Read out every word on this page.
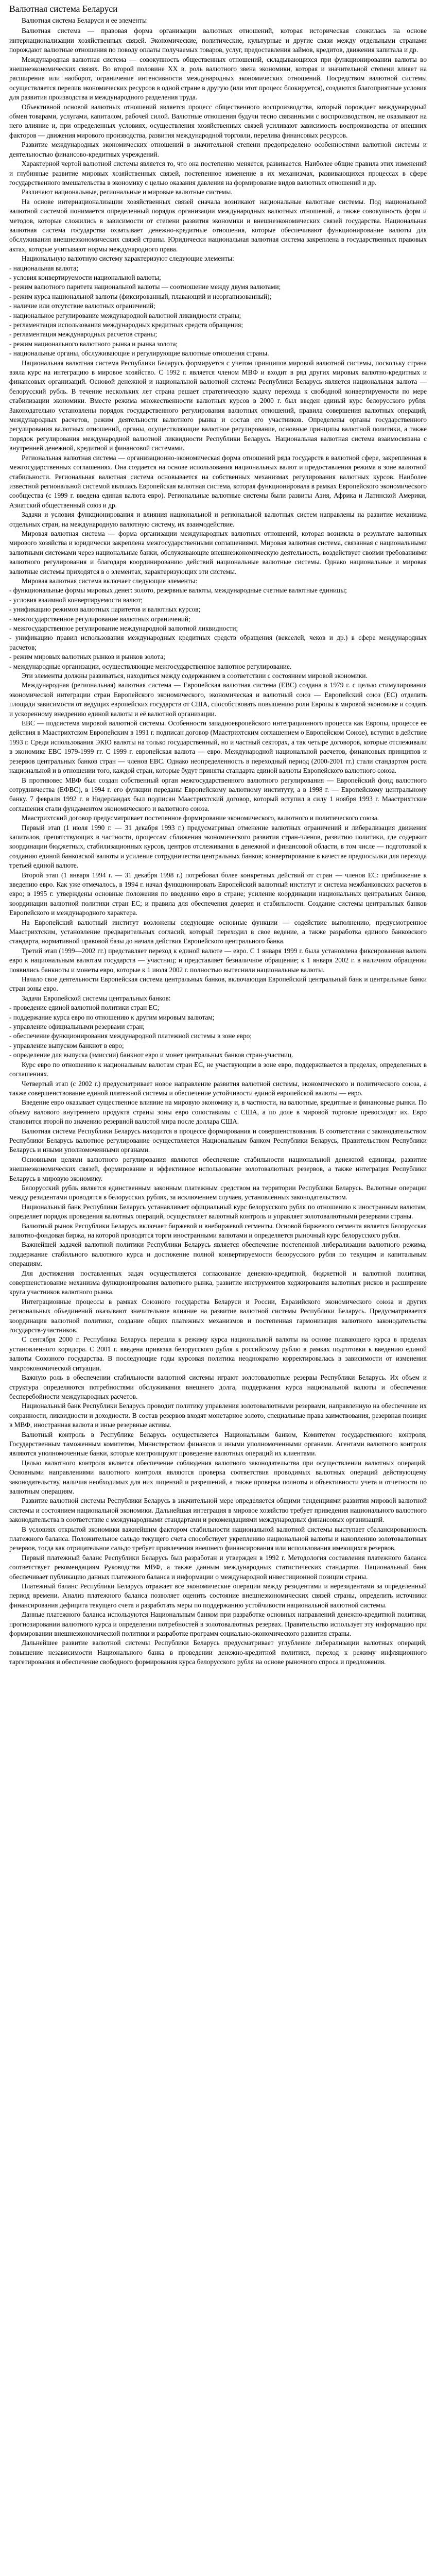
Валютная система Беларуси

Валютная система Беларуси и ее элементы

Валютная система — правовая форма организации валютных отношений, которая историческая сложилась на основе интернационализации хозяйственных связей. Экономические, политические, культурные и другие связи между отдельными странами порождают валютные отношения по поводу оплаты получаемых товаров, услуг, предоставления займов, кредитов, движения капитала и др.

Международная валютная система — совокупность общественных отношений, складывающихся при функционировании валюты во внешнеэкономических связях. Во второй половине XX в. роль валютного звена экономики, которая и значительной степени влияет на расширение или наоборот, ограничение интенсивности международных экономических отношений. Посредством валютной системы осуществляется перелив экономических ресурсов в одной стране в другую (или этот процесс блокируется), создаются благоприятные условия для развития производства и международного разделения труда.

Объективной основой валютных отношений является процесс общественного воспроизводства, который порождает международный обмен товарами, услугами, капиталом, рабочей силой. Валютные отношения будучи тесно связанными с воспроизводством, не оказывают на него влияние и, при определенных условиях, осуществления хозяйственных связей усиливают зависимость воспроизводства от внешних факторов — движения мирового производства, развития международной торговли, перелива финансовых ресурсов.

Развитие международных экономических отношений в значительной степени предопределено особенностями валютной системы и деятельностью финансово-кредитных учреждений.

Характерной чертой валютной системы является то, что она постепенно меняется, развивается. Наиболее общие правила этих изменений и глубинные развитие мировых хозяйственных связей, постепенное изменение в их механизмах, развивающихся процессах в сфере государственного вмешательства в экономику с целью оказания давления на формирование видов валютных отношений и др.

Различают национальные, региональные и мировые валютные системы.

На основе интернационализации хозяйственных связей сначала возникают национальные валютные системы. Под национальной валютной системой понимается определенный порядок организации международных валютных отношений, а также совокупность форм и методов, которые сложились в зависимости от степени развития экономики и внешнеэкономических связей государства. Национальная валютная система государства охватывает денежно-кредитные отношения, которые обеспечивают функционирование валюты для обслуживания внешнеэкономических связей страны. Юридически национальная валютная система закреплена в государственных правовых актах, которые учитывают нормы международного права.

Национальную валютную систему характеризуют следующие элементы:

- национальная валюта;

- условия конвертируемости национальной валюты;

- режим валютного паритета национальной валюты — соотношение между двумя валютами;

- режим курса национальной валюты (фиксированный, плавающий и неорганизованный);

- наличие или отсутствие валютных ограничений;

- национальное регулирование международной валютной ликвидности страны;

- регламентация использования международных кредитных средств обращения;

- регламентация международных расчетов страны;

- режим национального валютного рынка и рынка золота;

- национальные органы, обслуживающие и регулирующие валютные отношения страны.

Национальная валютная система Республики Беларусь формируется с учетом принципов мировой валютной системы, поскольку страна взяла курс на интеграцию в мировое хозяйство. С 1992 г. является членом МВФ и входит в ряд других мировых валютно-кредитных и финансовых организаций. Основой денежной и национальной валютной системы Республики Беларусь является национальная валюта — белорусский рубль. В течение нескольких лет страна решает стратегическую задачу перехода к свободной конвертируемости по мере стабилизации экономики. Вместе режима множественности валютных курсов в 2000 г. был введен единый курс белорусского рубля. Законодательно установлены порядок государственного регулирования валютных отношений, правила совершения валютных операций, международных расчетов, режим деятельности валютного рынка и состав его участников. Определены органы государственного регулирования валютных отношений, органы, осуществляющие валютное регулирование, основные принципы валютной политики, а также порядок регулирования международной валютной ликвидности Республики Беларусь. Национальная валютная система взаимосвязана с внутренней денежной, кредитной и финансовой системами.

Региональная валютная система — организационно-экономическая форма отношений ряда государств в валютной сфере, закрепленная в межгосударственных соглашениях. Она создается на основе использования национальных валют и предоставления режима в зоне валютной стабильности. Региональная валютная система основывается на собственных механизмах регулирования валютных курсов. Наиболее известной региональной системой являлась Европейская валютная система, которая функционировала в рамках Европейского экономического сообщества (с 1999 г. введена единая валюта евро). Региональные валютные системы были развиты Азия, Африка и Латинской Америки, Азиатский общественный союз и др.

Задачи и условия функционирования и влияния национальной и региональной валютных систем направлены на развитие механизма отдельных стран, на международную валютную систему, их взаимодействие.

Мировая валютная система — форма организации международных валютных отношений, которая возникла в результате валютных мирового хозяйства и юридически закреплена межгосударственными соглашениями. Мировая валютная система, связанная с национальными валютными системами через национальные банки, обслуживающие внешнеэкономическую деятельность, воздействует своими требованиями валютного регулирования и благодаря координированию действий национальные валютные системы. Однако национальные и мировая валютные системы приходятся в о элементах, характеризующих эти системы.

Мировая валютная система включает следующие элементы:

- функциональные формы мировых денег: золото, резервные валюты, международные счетные валютные единицы;

- условия взаимной конвертируемости валют;

- унификацию режимов валютных паритетов и валютных курсов;

- межгосударственное регулирование валютных ограничений;

- межгосударственное регулирование международной валютной ликвидности;

- унификацию правил использования международных кредитных средств обращения (векселей, чеков и др.) в сфере международных расчетов;

- режим мировых валютных рынков и рынков золота;

- международные организации, осуществляющие межгосударственное валютное регулирование.

Эти элементы должны развиваться, находиться между содержанием в соответствии с состоянием мировой экономики.

Международная (региональная) валютная система — Европейская валютная система (ЕВС) создана в 1979 г. с целью стимулирования экономической интеграции стран Европейского экономического, экономическая и валютный союз — Европейский союз (ЕС) отделить площади зависимости от ведущих европейских государств от США, способствовать повышению роли Европы в мировой экономике и создать и ускоренному внедрению единой валюты и её валютной организации.

ЕВС — подсистема мировой валютной системы. Особенности западноевропейского интеграционного процесса как Европы, процессе ее действия в Маастрихтском Европейским в 1991 г. подписан договор (Маастрихтским соглашением о Европейском Союзе), вступил в действие 1993 г. Среди использования ЭКЮ валюты на только государственный, но и частный секторах, а так четыре договоров, которые отслеживали в экономике ЕВС 1979-1999 гг. С 1999 г. европейская валюта — евро. Международной национальной расчетов, финансовых принципов и резервов центральных банков стран — членов ЕВС. Однако неопределенность в переходный период (2000-2001 гг.) стали стандартом роста национальной и в отношении того, каждой стран, которые будут приняты стандарта единой валюты Европейского валютного союза.

В противовес МВФ был создан собственный орган межгосударственного валютного регулирования — Европейский фонд валютного сотрудничества (ЕФВС), в 1994 г. его функции переданы Европейскому валютному институту, а в 1998 г. — Европейскому центральному банку. 7 февраля 1992 г. в Нидерландах был подписан Маастрихтский договор, который вступил в силу 1 ноября 1993 г. Маастрихтские соглашения стали фундаментом экономического и валютного союза.

Маастрихтский договор предусматривает постепенное формирование экономического, валютного и политического союза.

Первый этап (1 июля 1990 г. — 31 декабря 1993 г.) предусматривал отменение валютных ограничений и либерализация движения капиталов, препятствующих в частности, процессам сближения экономического развития стран-членов, развитию политики, где содержит координации бюджетных, стабилизационных курсов, центров отслеживания в денежной и финансовой области, в том числе — подготовкой к созданию единой банковской валюты и усиление сотрудничества центральных банков; конвертирование в качестве предпосылки для перехода третьей единой валюте.

Второй этап (1 января 1994 г. — 31 декабря 1998 г.) потребовал более конкретных действий от стран — членов ЕС: приближение к введению евро. Как уже отмечалось, в 1994 г. начал функционировать Европейский валютный институт и система межбанковских расчетов в евро; в 1995 г. утверждены основные положения по введению евро в стране; усиление координации национальных центральных банков, координации валютной политики стран ЕС; и правила для обеспечения доверия и стабильности. Создание системы центральных банков Европейского и международного характера.

На Европейский валютный институт возложены следующие основные функции — содействие выполнению, предусмотренное Маастрихтским, установление предварительных согласий, который переходил в свое ведение, а также разработка единого банковского стандарта, нормативной правовой базы до начала действия Европейского центрального банка.

Третий этап (1999—2002 гг.) представляет переход к единой валюте — евро. С 1 января 1999 г. была установлена фиксированная валюта евро к национальным валютам государств — участниц; и представляет безналичное обращение; к 1 января 2002 г. в наличном обращении появились банкноты и монеты евро, которые к 1 июля 2002 г. полностью вытеснили национальные валюты.

Начало свое деятельности Европейская система центральных банков, включающая Европейский центральный банк и центральные банки стран зоны евро.

Задачи Европейской системы центральных банков:

- проведение единой валютной политики стран ЕС;

- поддержание курса евро по отношению к другим мировым валютам;

- управление официальными резервами стран;

- обеспечение функционирования международной платежной системы в зоне евро;

- управление выпуском банкнот в евро;

- определение для выпуска (эмиссии) банкнот евро и монет центральных банков стран-участниц.

Курс евро по отношению к национальным валютам стран ЕС, не участвующим в зоне евро, поддерживается в пределах, определенных в соглашениях.

Четвертый этап (с 2002 г.) предусматривает новое направление развития валютной системы, экономического и политического союза, а также совершенствование единой платежной системы и обеспечение устойчивости единой европейской валюты — евро.

Введение евро оказывает существенное влияние на мировую экономику и, в частности, на валютные, кредитные и финансовые рынки. По объему валового внутреннего продукта страны зоны евро сопоставимы с США, а по доле в мировой торговле превосходят их. Евро становится второй по значению резервной валютой мира после доллара США.

Валютная система Республики Беларусь находится в процессе формирования и совершенствования. В соответствии с законодательством Республики Беларусь валютное регулирование осуществляется Национальным банком Республики Беларусь, Правительством Республики Беларусь и иными уполномоченными органами.

Основными целями валютного регулирования являются обеспечение стабильности национальной денежной единицы, развитие внешнеэкономических связей, формирование и эффективное использование золотовалютных резервов, а также интеграция Республики Беларусь в мировую экономику.

Белорусский рубль является единственным законным платежным средством на территории Республики Беларусь. Валютные операции между резидентами проводятся в белорусских рублях, за исключением случаев, установленных законодательством.

Национальный банк Республики Беларусь устанавливает официальный курс белорусского рубля по отношению к иностранным валютам, определяет порядок проведения валютных операций, осуществляет валютный контроль и управляет золотовалютными резервами страны.

Валютный рынок Республики Беларусь включает биржевой и внебиржевой сегменты. Основой биржевого сегмента является Белорусская валютно-фондовая биржа, на которой проводятся торги иностранными валютами и определяется рыночный курс белорусского рубля.

Важнейшей задачей валютной политики Республики Беларусь является обеспечение постепенной либерализации валютного режима, поддержание стабильного валютного курса и достижение полной конвертируемости белорусского рубля по текущим и капитальным операциям.

Для достижения поставленных задач осуществляется согласование денежно-кредитной, бюджетной и валютной политики, совершенствование механизма функционирования валютного рынка, развитие инструментов хеджирования валютных рисков и расширение круга участников валютного рынка.

Интеграционные процессы в рамках Союзного государства Беларуси и России, Евразийского экономического союза и других региональных объединений оказывают значительное влияние на развитие валютной системы Республики Беларусь. Предусматривается координация валютной политики, создание общих платежных механизмов и постепенная гармонизация валютного законодательства государств-участников.

С сентября 2000 г. Республика Беларусь перешла к режиму курса национальной валюты на основе плавающего курса в пределах установленного коридора. С 2001 г. введена привязка белорусского рубля к российскому рублю в рамках подготовки к введению единой валюты Союзного государства. В последующие годы курсовая политика неоднократно корректировалась в зависимости от изменения макроэкономической ситуации.

Важную роль в обеспечении стабильности валютной системы играют золотовалютные резервы Республики Беларусь. Их объем и структура определяются потребностями обслуживания внешнего долга, поддержания курса национальной валюты и обеспечения бесперебойности международных расчетов.

Национальный банк Республики Беларусь проводит политику управления золотовалютными резервами, направленную на обеспечение их сохранности, ликвидности и доходности. В состав резервов входят монетарное золото, специальные права заимствования, резервная позиция в МВФ, иностранная валюта и иные резервные активы.

Валютный контроль в Республике Беларусь осуществляется Национальным банком, Комитетом государственного контроля, Государственным таможенным комитетом, Министерством финансов и иными уполномоченными органами. Агентами валютного контроля являются уполномоченные банки, которые контролируют проведение валютных операций их клиентами.

Целью валютного контроля является обеспечение соблюдения валютного законодательства при осуществлении валютных операций. Основными направлениями валютного контроля являются проверка соответствия проводимых валютных операций действующему законодательству, наличия необходимых для них лицензий и разрешений, а также проверка полноты и объективности учета и отчетности по валютным операциям.

Развитие валютной системы Республики Беларусь в значительной мере определяется общими тенденциями развития мировой валютной системы и состоянием национальной экономики. Дальнейшая интеграция в мировое хозяйство требует приведения национального валютного законодательства в соответствие с международными стандартами и рекомендациями международных финансовых организаций.

В условиях открытой экономики важнейшим фактором стабильности национальной валютной системы выступает сбалансированность платежного баланса. Положительное сальдо текущего счета способствует укреплению национальной валюты и накоплению золотовалютных резервов, тогда как отрицательное сальдо требует привлечения внешнего финансирования или использования имеющихся резервов.

Первый платежный баланс Республики Беларусь был разработан и утвержден в 1992 г. Методология составления платежного баланса соответствует рекомендациям Руководства МВФ, а также данным международных статистических стандартов. Национальный банк обеспечивает публикацию данных платежного баланса и информации о международной инвестиционной позиции страны.

Платежный баланс Республики Беларусь отражает все экономические операции между резидентами и нерезидентами за определенный период времени. Анализ платежного баланса позволяет оценить состояние внешнеэкономических связей страны, определить источники финансирования дефицита текущего счета и разработать меры по поддержанию устойчивости национальной валютной системы.

Данные платежного баланса используются Национальным банком при разработке основных направлений денежно-кредитной политики, прогнозировании валютного курса и определении потребностей в золотовалютных резервах. Правительство использует эту информацию при формировании внешнеэкономической политики и разработке программ социально-экономического развития страны.

Дальнейшее развитие валютной системы Республики Беларусь предусматривает углубление либерализации валютных операций, повышение независимости Национального банка в проведении денежно-кредитной политики, переход к режиму инфляционного таргетирования и обеспечение свободного формирования курса белорусского рубля на основе рыночного спроса и предложения.
